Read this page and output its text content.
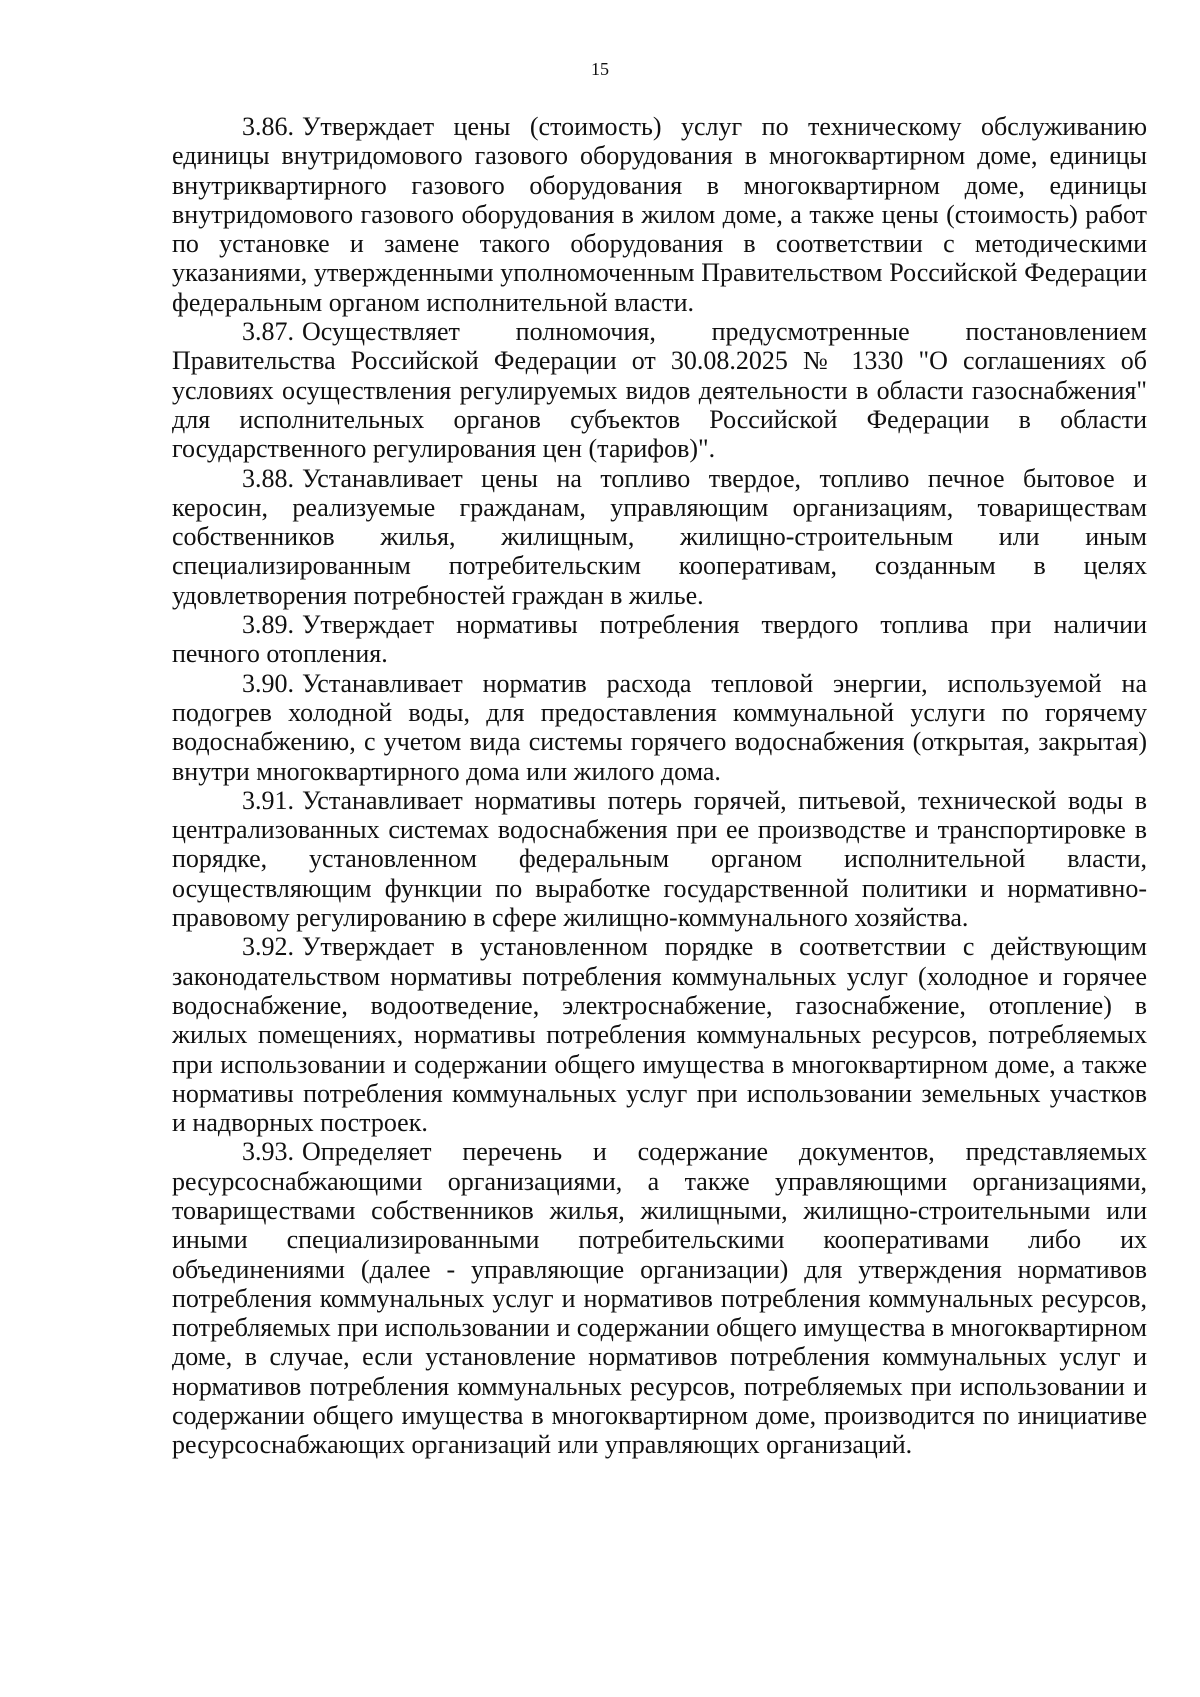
15

3.86. Утверждает цены (стоимость) услуг по техническому обслуживанию единицы внутридомового газового оборудования в многоквартирном доме, единицы внутриквартирного газового оборудования в многоквартирном доме, единицы внутридомового газового оборудования в жилом доме, а также цены (стоимость) работ по установке и замене такого оборудования в соответствии с методическими указаниями, утвержденными уполномоченным Правительством Российской Федерации федеральным органом исполнительной власти.

3.87. Осуществляет полномочия, предусмотренные постановлением Правительства Российской Федерации от 30.08.2025 № 1330 "О соглашениях об условиях осуществления регулируемых видов деятельности в области газоснабжения" для исполнительных органов субъектов Российской Федерации в области государственного регулирования цен (тарифов)".

3.88. Устанавливает цены на топливо твердое, топливо печное бытовое и керосин, реализуемые гражданам, управляющим организациям, товариществам собственников жилья, жилищным, жилищно-строительным или иным специализированным потребительским кооперативам, созданным в целях удовлетворения потребностей граждан в жилье.

3.89. Утверждает нормативы потребления твердого топлива при наличии печного отопления.

3.90. Устанавливает норматив расхода тепловой энергии, используемой на подогрев холодной воды, для предоставления коммунальной услуги по горячему водоснабжению, с учетом вида системы горячего водоснабжения (открытая, закрытая) внутри многоквартирного дома или жилого дома.

3.91. Устанавливает нормативы потерь горячей, питьевой, технической воды в централизованных системах водоснабжения при ее производстве и транспортировке в порядке, установленном федеральным органом исполнительной власти, осуществляющим функции по выработке государственной политики и нормативно-правовому регулированию в сфере жилищно-коммунального хозяйства.

3.92. Утверждает в установленном порядке в соответствии с действующим законодательством нормативы потребления коммунальных услуг (холодное и горячее водоснабжение, водоотведение, электроснабжение, газоснабжение, отопление) в жилых помещениях, нормативы потребления коммунальных ресурсов, потребляемых при использовании и содержании общего имущества в многоквартирном доме, а также нормативы потребления коммунальных услуг при использовании земельных участков и надворных построек.

3.93. Определяет перечень и содержание документов, представляемых ресурсоснабжающими организациями, а также управляющими организациями, товариществами собственников жилья, жилищными, жилищно-строительными или иными специализированными потребительскими кооперативами либо их объединениями (далее - управляющие организации) для утверждения нормативов потребления коммунальных услуг и нормативов потребления коммунальных ресурсов, потребляемых при использовании и содержании общего имущества в многоквартирном доме, в случае, если установление нормативов потребления коммунальных услуг и нормативов потребления коммунальных ресурсов, потребляемых при использовании и содержании общего имущества в многоквартирном доме, производится по инициативе ресурсоснабжающих организаций или управляющих организаций.
